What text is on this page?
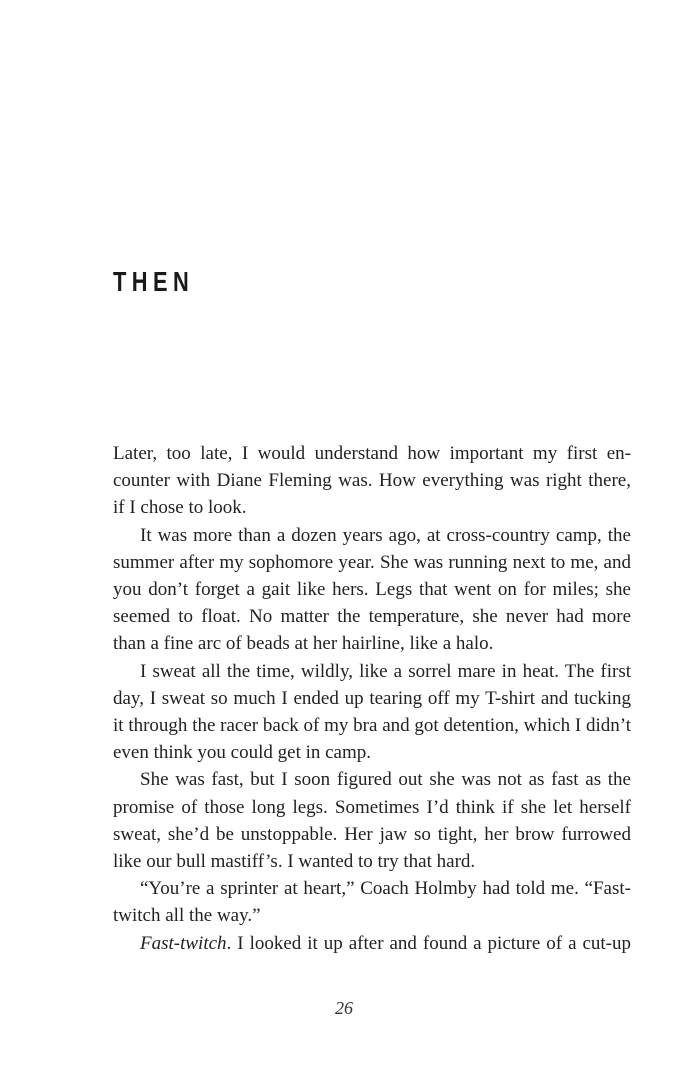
THEN

Later, too late, I would understand how important my first encounter with Diane Fleming was. How everything was right there, if I chose to look.

It was more than a dozen years ago, at cross-country camp, the summer after my sophomore year. She was running next to me, and you don’t forget a gait like hers. Legs that went on for miles; she seemed to float. No matter the temperature, she never had more than a fine arc of beads at her hairline, like a halo.

I sweat all the time, wildly, like a sorrel mare in heat. The first day, I sweat so much I ended up tearing off my T-shirt and tucking it through the racer back of my bra and got detention, which I didn’t even think you could get in camp.

She was fast, but I soon figured out she was not as fast as the promise of those long legs. Sometimes I’d think if she let herself sweat, she’d be unstoppable. Her jaw so tight, her brow furrowed like our bull mastiff’s. I wanted to try that hard.

“You’re a sprinter at heart,” Coach Holmby had told me. “Fast-twitch all the way.”

Fast-twitch. I looked it up after and found a picture of a cut-up

26
